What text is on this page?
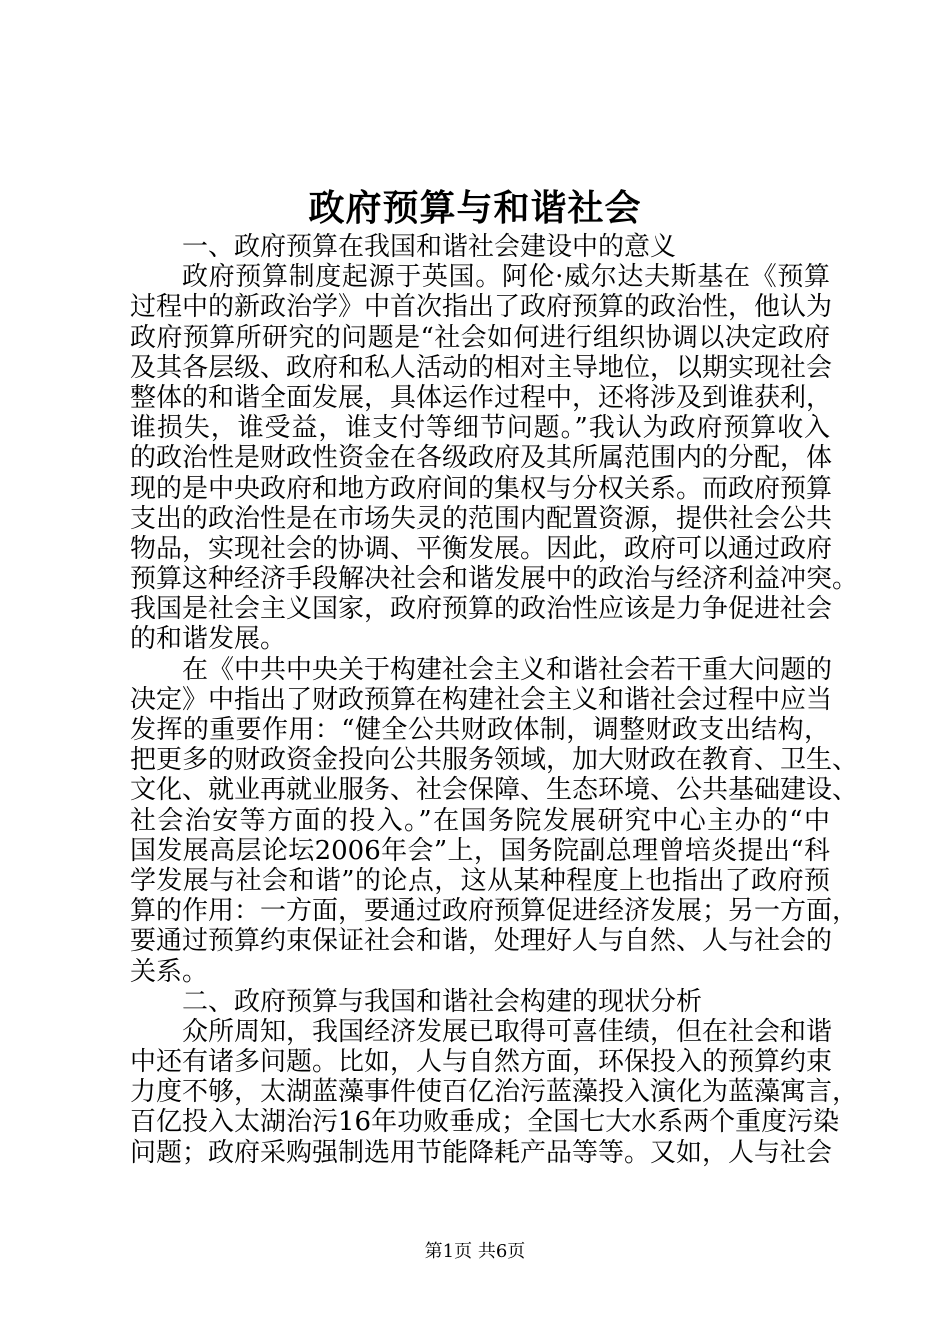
政府预算与和谐社会
一、政府预算在我国和谐社会建设中的意义
政府预算制度起源于英国。阿伦·威尔达夫斯基在《预算
过程中的新政治学》中首次指出了政府预算的政治性，他认为
政府预算所研究的问题是“社会如何进行组织协调以决定政府
及其各层级、政府和私人活动的相对主导地位，以期实现社会
整体的和谐全面发展，具体运作过程中，还将涉及到谁获利，
谁损失，谁受益，谁支付等细节问题。”我认为政府预算收入
的政治性是财政性资金在各级政府及其所属范围内的分配，体
现的是中央政府和地方政府间的集权与分权关系。而政府预算
支出的政治性是在市场失灵的范围内配置资源，提供社会公共
物品，实现社会的协调、平衡发展。因此，政府可以通过政府
预算这种经济手段解决社会和谐发展中的政治与经济利益冲突。
我国是社会主义国家，政府预算的政治性应该是力争促进社会
的和谐发展。
在《中共中央关于构建社会主义和谐社会若干重大问题的
决定》中指出了财政预算在构建社会主义和谐社会过程中应当
发挥的重要作用：“健全公共财政体制，调整财政支出结构，
把更多的财政资金投向公共服务领域，加大财政在教育、卫生、
文化、就业再就业服务、社会保障、生态环境、公共基础建设、
社会治安等方面的投入。”在国务院发展研究中心主办的“中
国发展高层论坛2006年会”上，国务院副总理曾培炎提出“科
学发展与社会和谐”的论点，这从某种程度上也指出了政府预
算的作用：一方面，要通过政府预算促进经济发展；另一方面，
要通过预算约束保证社会和谐，处理好人与自然、人与社会的
关系。
二、政府预算与我国和谐社会构建的现状分析
众所周知，我国经济发展已取得可喜佳绩，但在社会和谐
中还有诸多问题。比如，人与自然方面，环保投入的预算约束
力度不够，太湖蓝藻事件使百亿治污蓝藻投入演化为蓝藻寓言，
百亿投入太湖治污16年功败垂成；全国七大水系两个重度污染
问题；政府采购强制选用节能降耗产品等等。又如，人与社会
第1页 共6页
